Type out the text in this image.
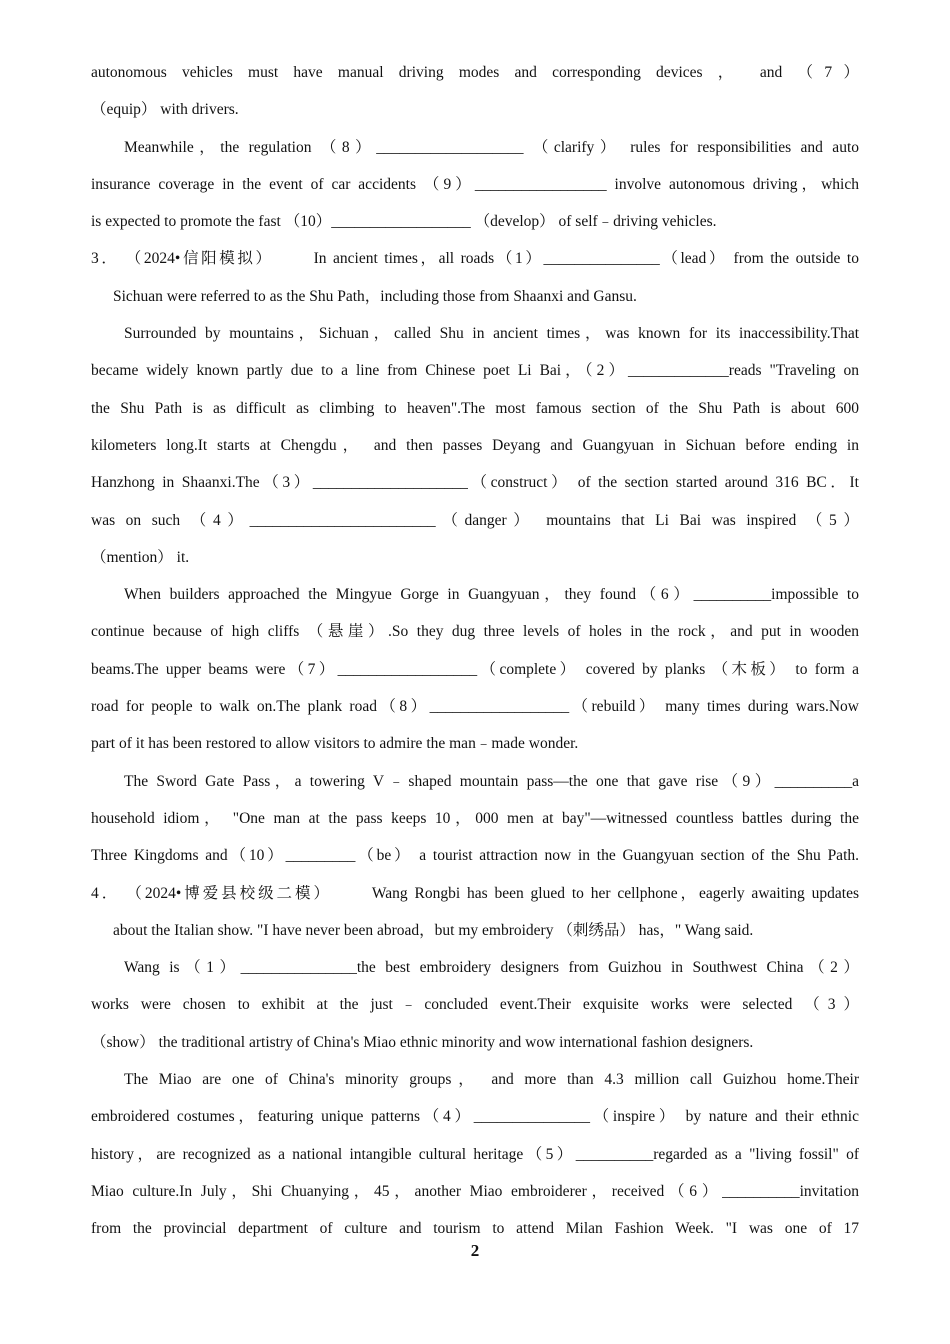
autonomous vehicles must have manual driving modes and corresponding devices ， and （7）
（equip） with drivers.
Meanwhile，the regulation （8）___________________ （clarify） rules for responsibilities and auto
insurance coverage in the event of car accidents （9）_________________ involve autonomous driving，which
is expected to promote the fast （10）__________________ （develop） of self﹣driving vehicles.
3． （2024•信阳模拟）	In ancient times，all roads（1）_______________（lead） from the outside to
Sichuan were referred to as the Shu Path，including those from Shaanxi and Gansu.
Surrounded by mountains，Sichuan，called Shu in ancient times，was known for its inaccessibility.That
became widely known partly due to a line from Chinese poet Li Bai，（2）_____________reads "Traveling on
the Shu Path is as difficult as climbing to heaven".The most famous section of the Shu Path is about 600
kilometers long.It starts at Chengdu， and then passes Deyang and Guangyuan in Sichuan before ending in
Hanzhong in Shaanxi.The（3）____________________（construct） of the section started around 316 BC．It
was on such （4）________________________（danger） mountains that Li Bai was inspired （5）
（mention） it.
When builders approached the Mingyue Gorge in Guangyuan，they found（6）__________impossible to
continue because of high cliffs （悬崖）.So they dug three levels of holes in the rock，and put in wooden
beams.The upper beams were（7）__________________（complete） covered by planks （木板） to form a
road for people to walk on.The plank road（8）__________________（rebuild） many times during wars.Now
part of it has been restored to allow visitors to admire the man﹣made wonder.
The Sword Gate Pass，a towering V﹣shaped mountain pass—the one that gave rise（9）__________a
household idiom， "One man at the pass keeps 10，000 men at bay"—witnessed countless battles during the
Three Kingdoms and（10）_________（be） a tourist attraction now in the Guangyuan section of the Shu Path.
4． （2024•博爱县校级二模）	Wang Rongbi has been glued to her cellphone，eagerly awaiting updates
about the Italian show. "I have never been abroad，but my embroidery （刺绣品） has，" Wang said.
Wang is（1）_______________the best embroidery designers from Guizhou in Southwest China（2）
works were chosen to exhibit at the just﹣concluded event.Their exquisite works were selected （3）
（show） the traditional artistry of China's Miao ethnic minority and wow international fashion designers.
The Miao are one of China's minority groups， and more than 4.3 million call Guizhou home.Their
embroidered costumes，featuring unique patterns（4）_______________（inspire） by nature and their ethnic
history，are recognized as a national intangible cultural heritage（5）__________regarded as a "living fossil" of
Miao culture.In July，Shi Chuanying，45，another Miao embroiderer，received（6）__________invitation
from the provincial department of culture and tourism to attend Milan Fashion Week. "I was one of 17
2
